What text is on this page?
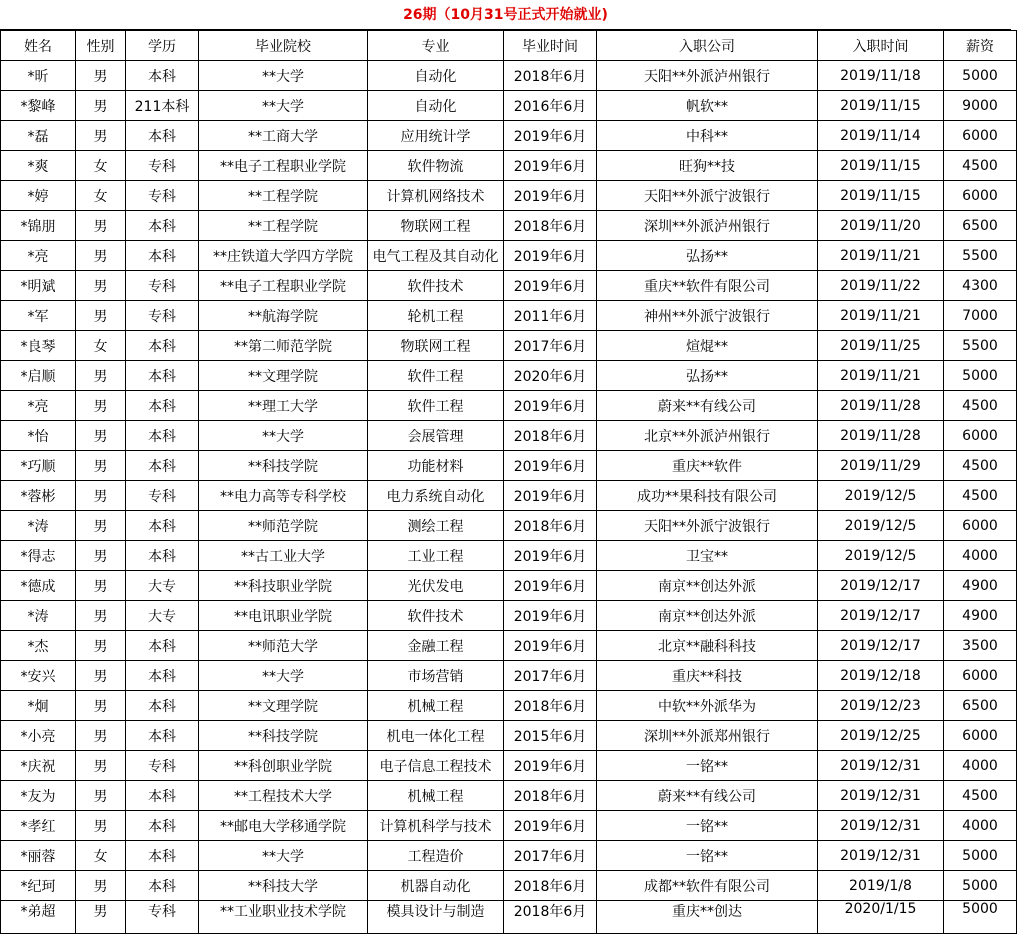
26期（10月31号正式开始就业)
姓名	性别	学历	毕业院校	专业	毕业时间	入职公司	入职时间	薪资
*昕	男	本科	**大学	自动化	2018年6月	天阳**外派泸州银行	2019/11/18	5000
*黎峰	男	211本科	**大学	自动化	2016年6月	帆软**	2019/11/15	9000
*磊	男	本科	**工商大学	应用统计学	2019年6月	中科**	2019/11/14	6000
*爽	女	专科	**电子工程职业学院	软件物流	2019年6月	旺狗**技	2019/11/15	4500
*婷	女	专科	**工程学院	计算机网络技术	2019年6月	天阳**外派宁波银行	2019/11/15	6000
*锦朋	男	本科	**工程学院	物联网工程	2018年6月	深圳**外派泸州银行	2019/11/20	6500
*亮	男	本科	**庄铁道大学四方学院	电气工程及其自动化	2019年6月	弘扬**	2019/11/21	5500
*明斌	男	专科	**电子工程职业学院	软件技术	2019年6月	重庆**软件有限公司	2019/11/22	4300
*军	男	专科	**航海学院	轮机工程	2011年6月	神州**外派宁波银行	2019/11/21	7000
*良琴	女	本科	**第二师范学院	物联网工程	2017年6月	煊焜**	2019/11/25	5500
*启顺	男	本科	**文理学院	软件工程	2020年6月	弘扬**	2019/11/21	5000
*亮	男	本科	**理工大学	软件工程	2019年6月	蔚来**有线公司	2019/11/28	4500
*怡	男	本科	**大学	会展管理	2018年6月	北京**外派泸州银行	2019/11/28	6000
*巧顺	男	本科	**科技学院	功能材料	2019年6月	重庆**软件	2019/11/29	4500
*蓉彬	男	专科	**电力高等专科学校	电力系统自动化	2019年6月	成功**果科技有限公司	2019/12/5	4500
*涛	男	本科	**师范学院	测绘工程	2018年6月	天阳**外派宁波银行	2019/12/5	6000
*得志	男	本科	**古工业大学	工业工程	2019年6月	卫宝**	2019/12/5	4000
*德成	男	大专	**科技职业学院	光伏发电	2019年6月	南京**创达外派	2019/12/17	4900
*涛	男	大专	**电讯职业学院	软件技术	2019年6月	南京**创达外派	2019/12/17	4900
*杰	男	本科	**师范大学	金融工程	2019年6月	北京**融科科技	2019/12/17	3500
*安兴	男	本科	**大学	市场营销	2017年6月	重庆**科技	2019/12/18	6000
*炯	男	本科	**文理学院	机械工程	2018年6月	中软**外派华为	2019/12/23	6500
*小亮	男	本科	**科技学院	机电一体化工程	2015年6月	深圳**外派郑州银行	2019/12/25	6000
*庆祝	男	专科	**科创职业学院	电子信息工程技术	2019年6月	一铭**	2019/12/31	4000
*友为	男	本科	**工程技术大学	机械工程	2018年6月	蔚来**有线公司	2019/12/31	4500
*孝红	男	本科	**邮电大学移通学院	计算机科学与技术	2019年6月	一铭**	2019/12/31	4000
*丽蓉	女	本科	**大学	工程造价	2017年6月	一铭**	2019/12/31	5000
*纪珂	男	本科	**科技大学	机器自动化	2018年6月	成都**软件有限公司	2019/1/8	5000
*弟超	男	专科	**工业职业技术学院	模具设计与制造	2018年6月	重庆**创达	2020/1/15	5000
